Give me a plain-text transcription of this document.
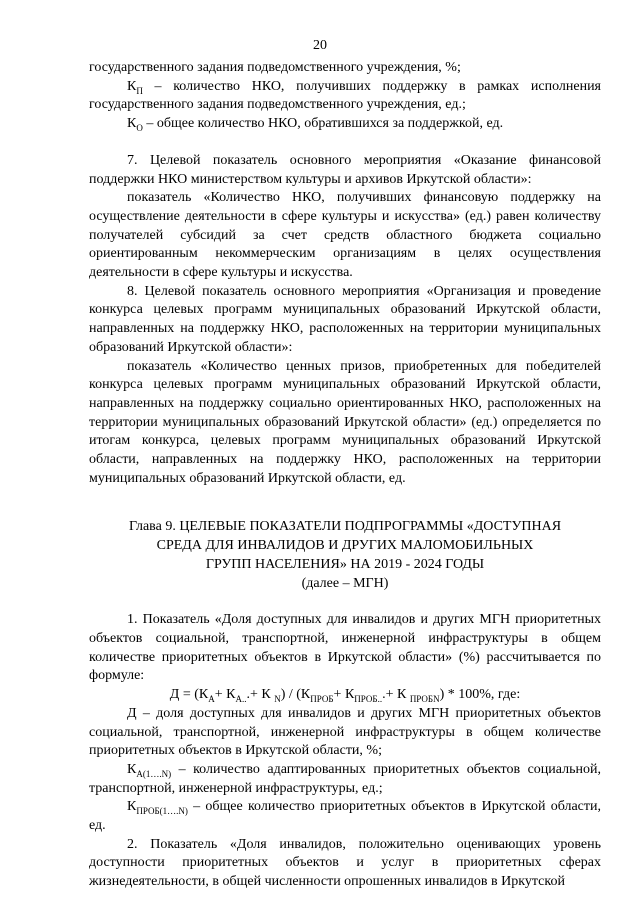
20

государственного задания подведомственного учреждения, %;

$К_П$ – количество НКО, получивших поддержку в рамках исполнения государственного задания подведомственного учреждения, ед.;

$К_О$ – общее количество НКО, обратившихся за поддержкой, ед.

7. Целевой показатель основного мероприятия «Оказание финансовой поддержки НКО министерством культуры и архивов Иркутской области»:

показатель «Количество НКО, получивших финансовую поддержку на осуществление деятельности в сфере культуры и искусства» (ед.) равен количеству получателей субсидий за счет средств областного бюджета социально ориентированным некоммерческим организациям в целях осуществления деятельности в сфере культуры и искусства.

8. Целевой показатель основного мероприятия «Организация и проведение конкурса целевых программ муниципальных образований Иркутской области, направленных на поддержку НКО, расположенных на территории муниципальных образований Иркутской области»:

показатель «Количество ценных призов, приобретенных для победителей конкурса целевых программ муниципальных образований Иркутской области, направленных на поддержку социально ориентированных НКО, расположенных на территории муниципальных образований Иркутской области» (ед.) определяется по итогам конкурса, целевых программ муниципальных образований Иркутской области, направленных на поддержку НКО, расположенных на территории муниципальных образований Иркутской области, ед.

Глава 9. ЦЕЛЕВЫЕ ПОКАЗАТЕЛИ ПОДПРОГРАММЫ «ДОСТУПНАЯ

СРЕДА ДЛЯ ИНВАЛИДОВ И ДРУГИХ МАЛОМОБИЛЬНЫХ

ГРУПП НАСЕЛЕНИЯ» НА 2019 - 2024 ГОДЫ

(далее – МГН)

1. Показатель «Доля доступных для инвалидов и других МГН приоритетных объектов социальной, транспортной, инженерной инфраструктуры в общем количестве приоритетных объектов в Иркутской области» (%) рассчитывается по формуле:

$Д = (К_А+ К_{А..}.+ К$ $_N) / (К_{ПРОБ}+ К_{ПРОБ..}.+ К$ $_{ПРОБN}$) * 100%, где:

Д – доля доступных для инвалидов и других МГН приоритетных объектов социальной, транспортной, инженерной инфраструктуры в общем количестве приоритетных объектов в Иркутской области, %;

$К_{А(1\dots.N)}$ – количество адаптированных приоритетных объектов социальной, транспортной, инженерной инфраструктуры, ед.;

$К_{ПРОБ(1\dots.N)}$ – общее количество приоритетных объектов в Иркутской области, ед.

2. Показатель «Доля инвалидов, положительно оценивающих уровень доступности приоритетных объектов и услуг в приоритетных сферах жизнедеятельности, в общей численности опрошенных инвалидов в Иркутской
